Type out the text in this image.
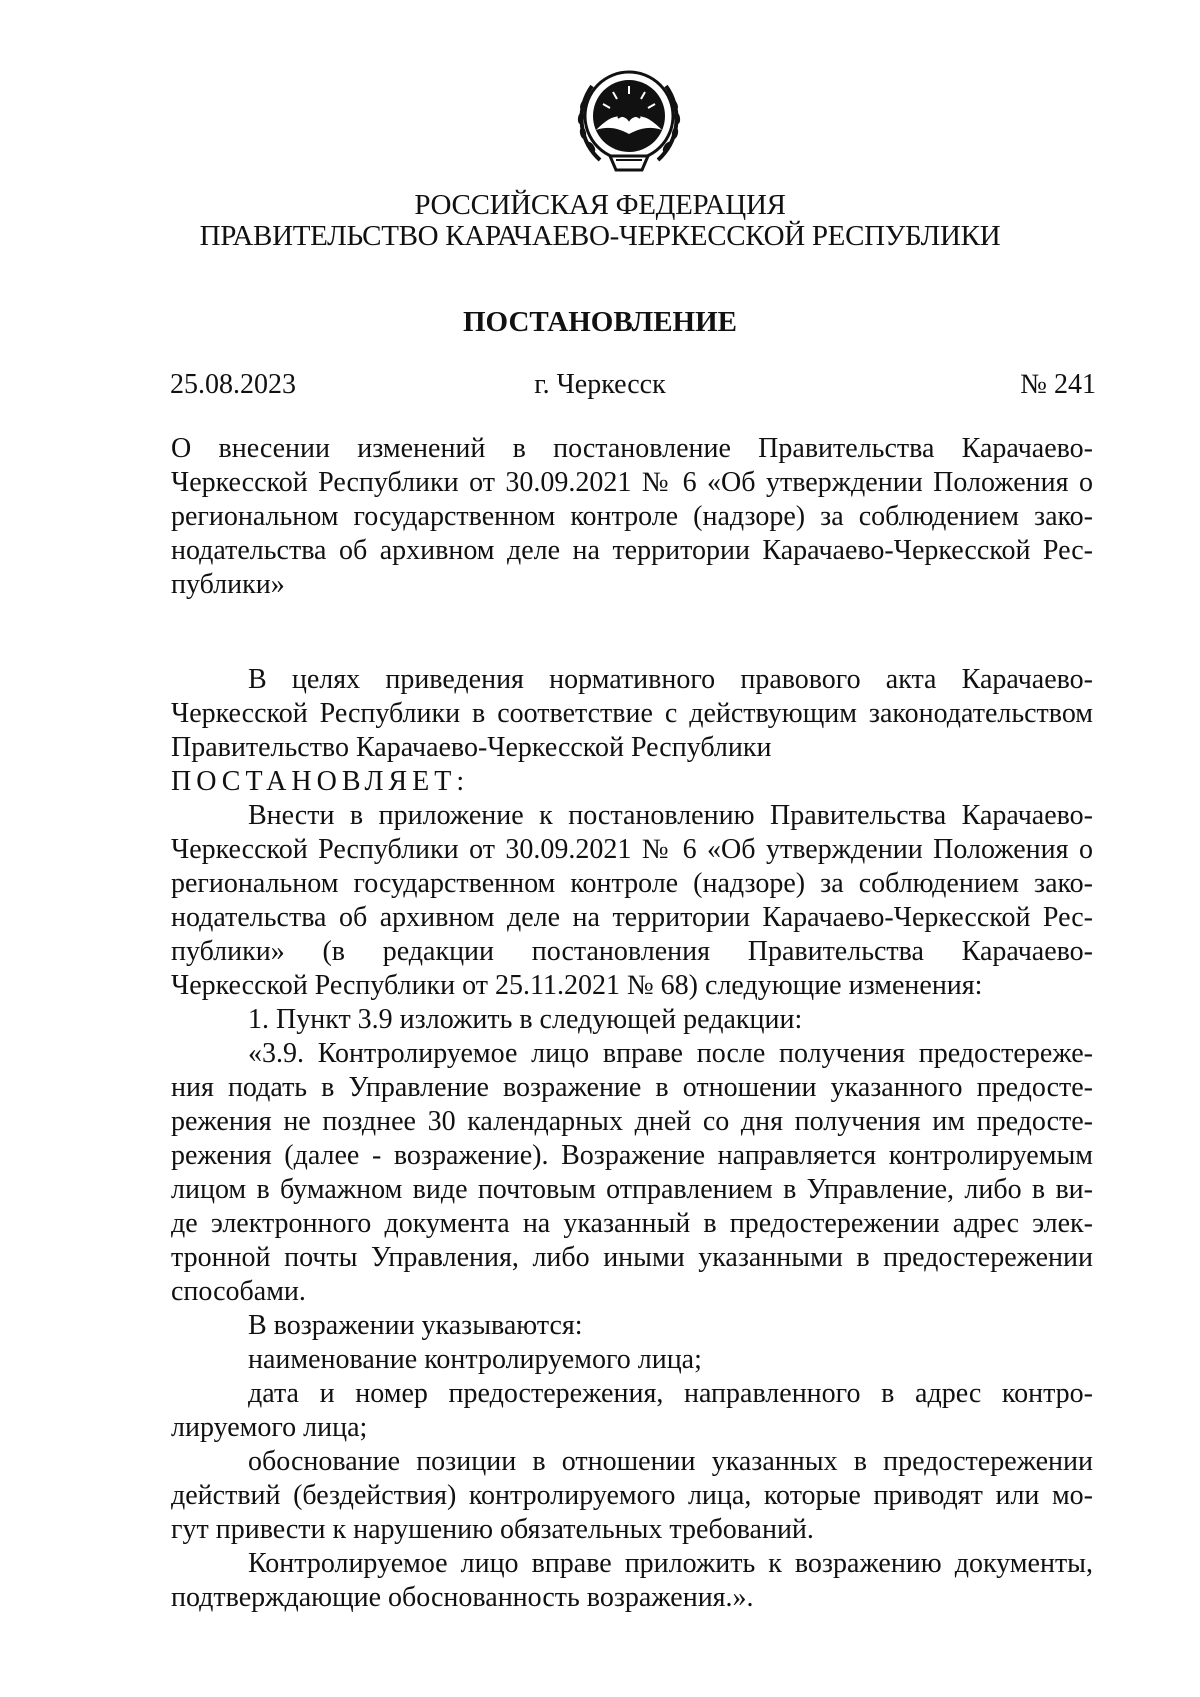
РОССИЙСКАЯ ФЕДЕРАЦИЯ
ПРАВИТЕЛЬСТВО КАРАЧАЕВО-ЧЕРКЕССКОЙ РЕСПУБЛИКИ
ПОСТАНОВЛЕНИЕ
г. Черкесск
25.08.2023	№ 241
О внесении изменений в постановление Правительства Карачаево-
Черкесской Республики от 30.09.2021 № 6 «Об утверждении Положения о
региональном государственном контроле (надзоре) за соблюдением зако-
нодательства об архивном деле на территории Карачаево-Черкесской Рес-
публики»
В целях приведения нормативного правового акта Карачаево-
Черкесской Республики в соответствие с действующим законодательством
Правительство Карачаево-Черкесской Республики
ПОСТАНОВЛЯЕТ:
Внести в приложение к постановлению Правительства Карачаево-
Черкесской Республики от 30.09.2021 № 6 «Об утверждении Положения о
региональном государственном контроле (надзоре) за соблюдением зако-
нодательства об архивном деле на территории Карачаево-Черкесской Рес-
публики» (в редакции постановления Правительства Карачаево-
Черкесской Республики от 25.11.2021 № 68) следующие изменения:
1. Пункт 3.9 изложить в следующей редакции:
«3.9. Контролируемое лицо вправе после получения предостереже-
ния подать в Управление возражение в отношении указанного предосте-
режения не позднее 30 календарных дней со дня получения им предосте-
режения (далее - возражение). Возражение направляется контролируемым
лицом в бумажном виде почтовым отправлением в Управление, либо в ви-
де электронного документа на указанный в предостережении адрес элек-
тронной почты Управления, либо иными указанными в предостережении
способами.
В возражении указываются:
наименование контролируемого лица;
дата и номер предостережения, направленного в адрес контро-
лируемого лица;
обоснование позиции в отношении указанных в предостережении
действий (бездействия) контролируемого лица, которые приводят или мо-
гут привести к нарушению обязательных требований.
Контролируемое лицо вправе приложить к возражению документы,
подтверждающие обоснованность возражения.».
